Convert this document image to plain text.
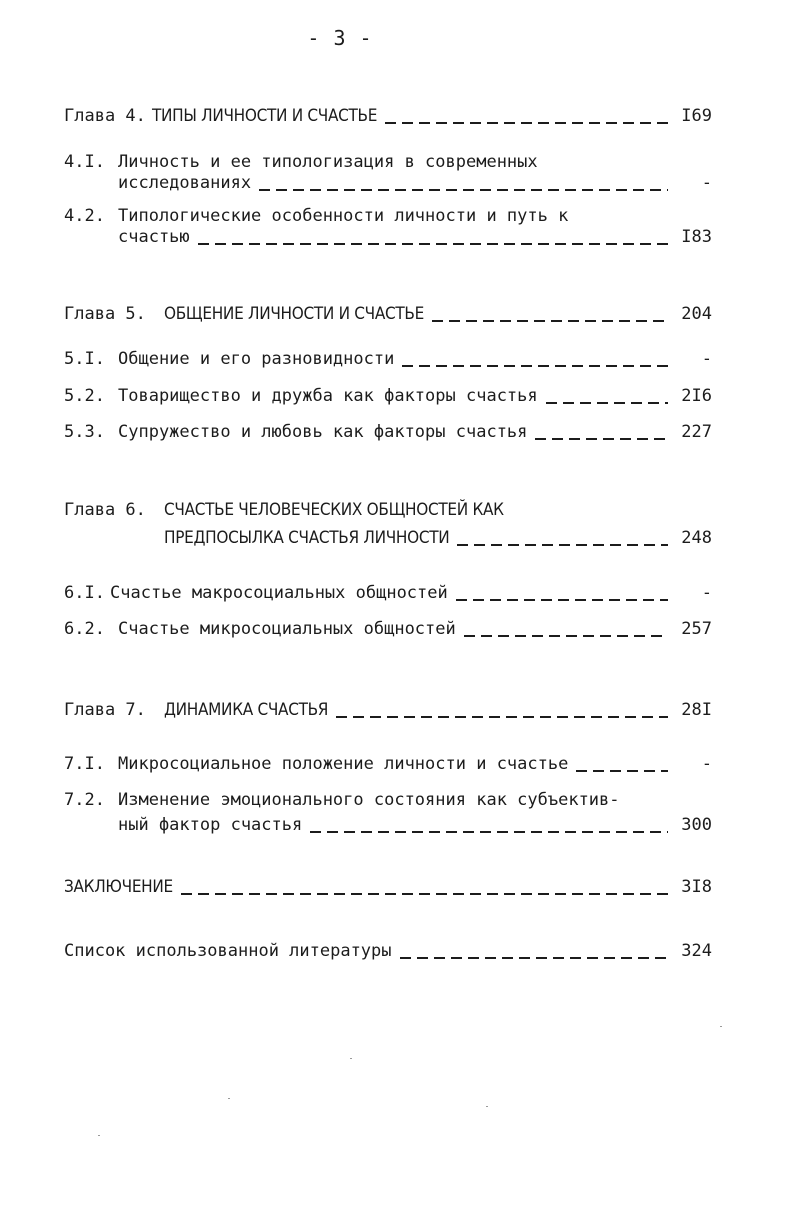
- 3 -
Глава 4. ТИПЫ ЛИЧНОСТИ И СЧАСТЬЕ	I69
4.I. Личность и ее типологизация в современных
исследованиях	-
4.2. Типологические особенности личности и путь к
счастью	I83
Глава 5.	ОБЩЕНИЕ ЛИЧНОСТИ И СЧАСТЬЕ	204
5.I. Общение и его разновидности	-
5.2. Товарищество и дружба как факторы счастья	2I6
5.3. Супружество и любовь как факторы счастья	227
Глава 6.	СЧАСТЬЕ ЧЕЛОВЕЧЕСКИХ ОБЩНОСТЕЙ КАК
ПРЕДПОСЫЛКА СЧАСТЬЯ ЛИЧНОСТИ	248
6.I. Счастье макросоциальных общностей	-
6.2. Счастье микросоциальных общностей	257
Глава 7.	ДИНАМИКА СЧАСТЬЯ	28I
7.I. Микросоциальное положение личности и счастье	-
7.2. Изменение эмоционального состояния как субъектив-
ный фактор счастья	300
ЗАКЛЮЧЕНИЕ	3I8
Список использованной литературы	324
